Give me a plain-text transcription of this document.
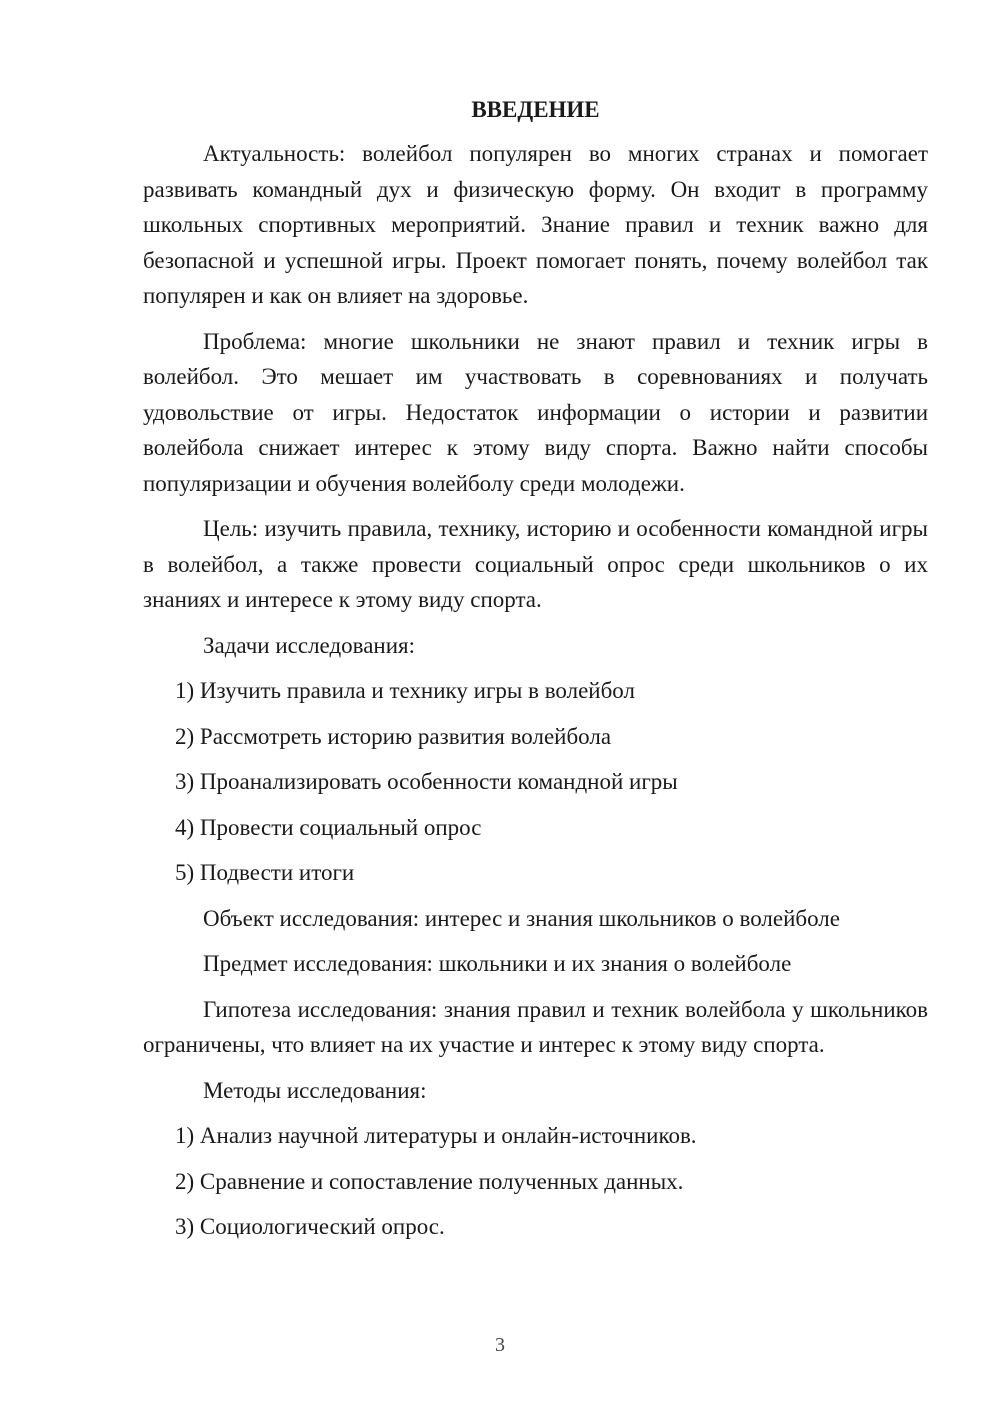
ВВЕДЕНИЕ

Актуальность: волейбол популярен во многих странах и помогает развивать командный дух и физическую форму. Он входит в программу школьных спортивных мероприятий. Знание правил и техник важно для безопасной и успешной игры. Проект помогает понять, почему волейбол так популярен и как он влияет на здоровье.

Проблема: многие школьники не знают правил и техник игры в волейбол. Это мешает им участвовать в соревнованиях и получать удовольствие от игры. Недостаток информации о истории и развитии волейбола снижает интерес к этому виду спорта. Важно найти способы популяризации и обучения волейболу среди молодежи.

Цель: изучить правила, технику, историю и особенности командной игры в волейбол, а также провести социальный опрос среди школьников о их знаниях и интересе к этому виду спорта.

Задачи исследования:
1) Изучить правила и технику игры в волейбол
2) Рассмотреть историю развития волейбола
3) Проанализировать особенности командной игры
4) Провести социальный опрос
5) Подвести итоги
Объект исследования: интерес и знания школьников о волейболе
Предмет исследования: школьники и их знания о волейболе

Гипотеза исследования: знания правил и техник волейбола у школьников ограничены, что влияет на их участие и интерес к этому виду спорта.

Методы исследования:
1) Анализ научной литературы и онлайн-источников.
2) Сравнение и сопоставление полученных данных.
3) Социологический опрос.
3
